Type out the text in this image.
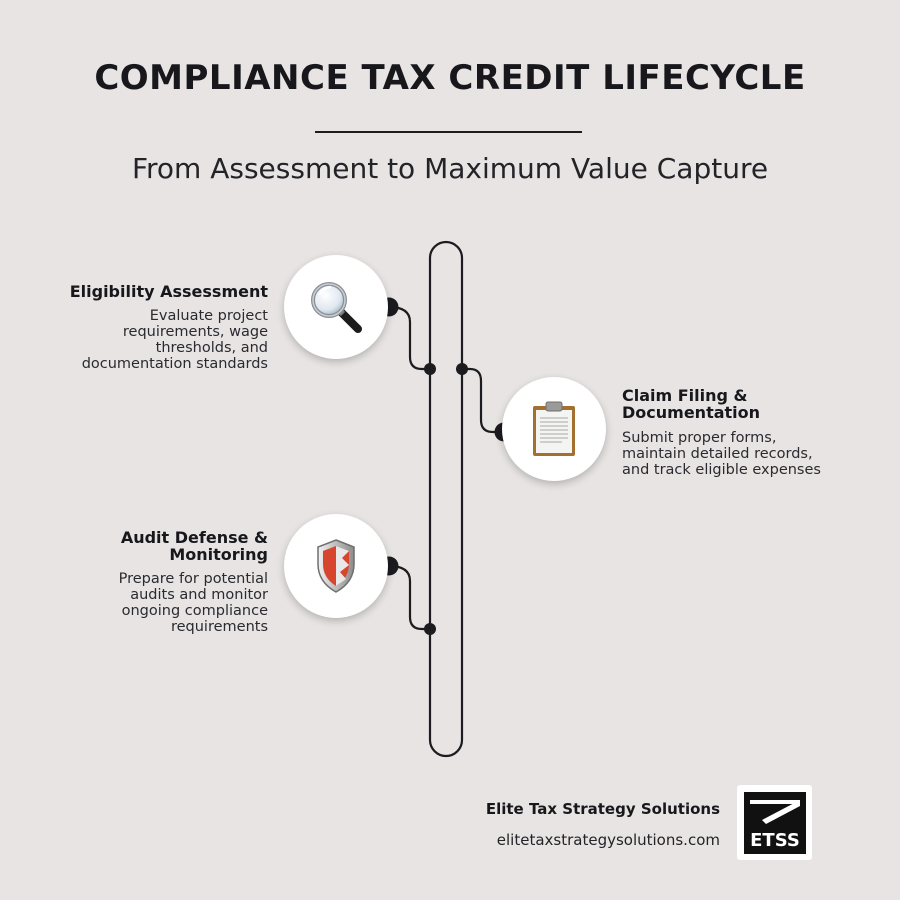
COMPLIANCE TAX CREDIT LIFECYCLE
From Assessment to Maximum Value Capture
Eligibility Assessment
Evaluate project
requirements, wage
thresholds, and
documentation standards
Claim Filing &
Documentation
Submit proper forms,
maintain detailed records,
and track eligible expenses
Audit Defense &
Monitoring
Prepare for potential
audits and monitor
ongoing compliance
requirements
Elite Tax Strategy Solutions
elitetaxstrategysolutions.com ETSS
